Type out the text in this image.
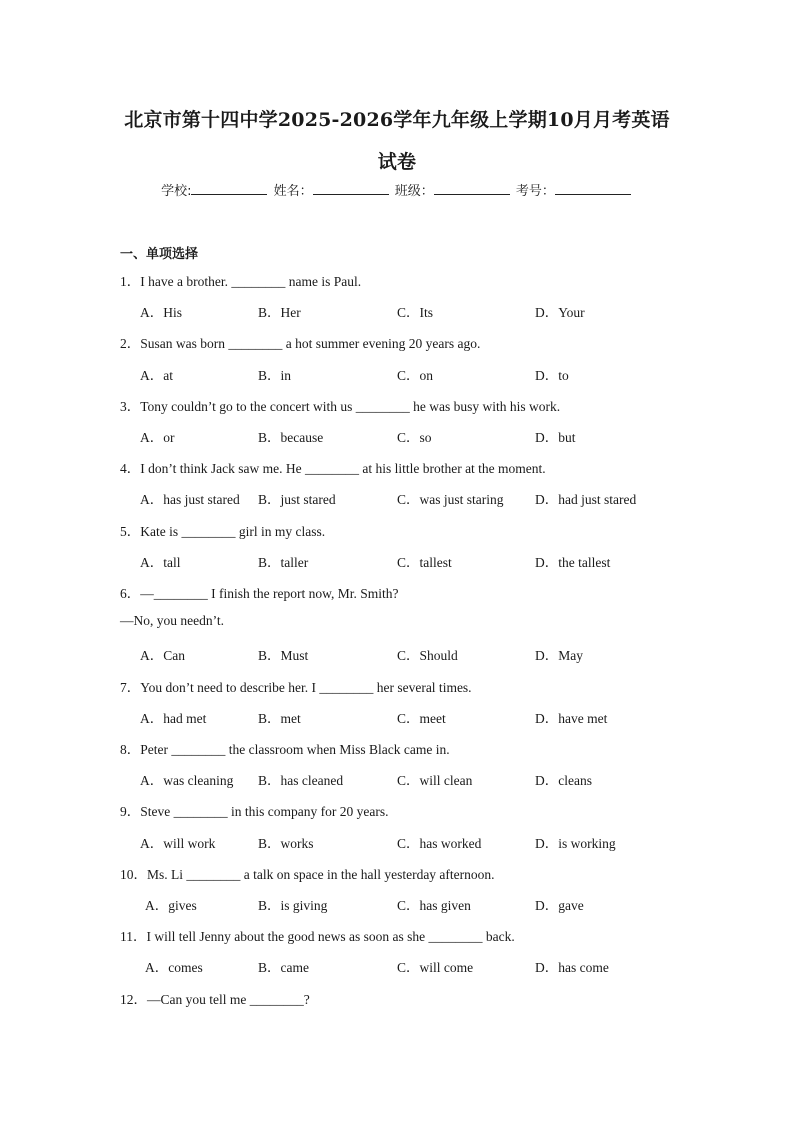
北京市第十四中学2025-2026学年九年级上学期10月月考英语
试卷
学校:	姓名：	班级：	考号：
一、单项选择
1．I have a brother. ________ name is Paul.
A．His	B．Her	C．Its	D．Your
2．Susan was born ________ a hot summer evening 20 years ago.
A．at	B．in	C．on	D．to
3．Tony couldn’t go to the concert with us ________ he was busy with his work.
A．or	B．because	C．so	D．but
4．I don’t think Jack saw me. He ________ at his little brother at the moment.
A．has just stared B．just stared	C．was just staring D．had just stared
5．Kate is ________ girl in my class.
A．tall	B．taller	C．tallest	D．the tallest
6．—________ I finish the report now, Mr. Smith?
—No, you needn’t.
A．Can	B．Must	C．Should	D．May
7．You don’t need to describe her. I ________ her several times.
A．had met	B．met	C．meet	D．have met
8．Peter ________ the classroom when Miss Black came in.
A．was cleaning B．has cleaned	C．will clean	D．cleans
9．Steve ________ in this company for 20 years.
A．will work	B．works	C．has worked	D．is working
10．Ms. Li ________ a talk on space in the hall yesterday afternoon.
A．gives	B．is giving	C．has given	D．gave
11．I will tell Jenny about the good news as soon as she ________ back.
A．comes	B．came	C．will come	D．has come
12．—Can you tell me ________?
